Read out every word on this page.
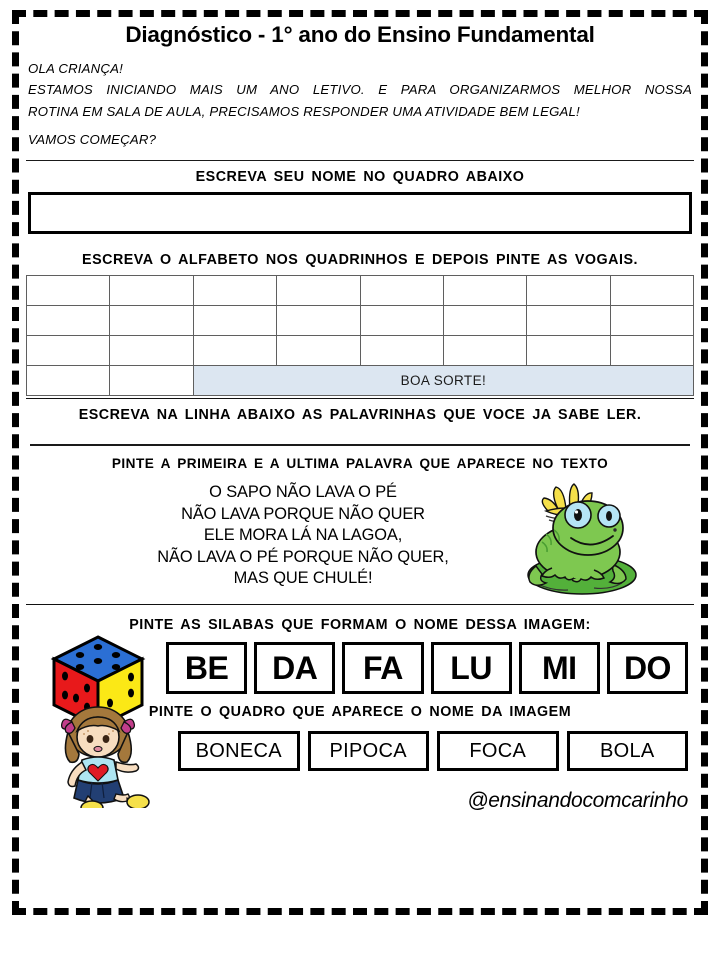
Diagnóstico - 1° ano do Ensino Fundamental
OLA CRIANÇA!
ESTAMOS INICIANDO MAIS UM ANO LETIVO. E PARA ORGANIZARMOS MELHOR NOSSA
ROTINA EM SALA DE AULA, PRECISAMOS RESPONDER UMA ATIVIDADE BEM LEGAL!
VAMOS COMEÇAR?
ESCREVA SEU NOME NO QUADRO ABAIXO
ESCREVA O ALFABETO NOS QUADRINHOS E DEPOIS PINTE AS VOGAIS.

		BOA SORTE!					
ESCREVA NA LINHA ABAIXO AS PALAVRINHAS QUE VOCE JA SABE LER.
PINTE A PRIMEIRA E A ULTIMA PALAVRA QUE APARECE NO TEXTO
O SAPO NÃO LAVA O PÉ
NÃO LAVA PORQUE NÃO QUER
ELE MORA LÁ NA LAGOA,
NÃO LAVA O PÉ PORQUE NÃO QUER,
MAS QUE CHULÉ!
PINTE AS SILABAS QUE FORMAM O NOME DESSA IMAGEM:
BE	DA	FA	LU	MI	DO
PINTE O QUADRO QUE APARECE O NOME DA IMAGEM
BONECA	PIPOCA	FOCA	BOLA
@ensinandocomcarinho
